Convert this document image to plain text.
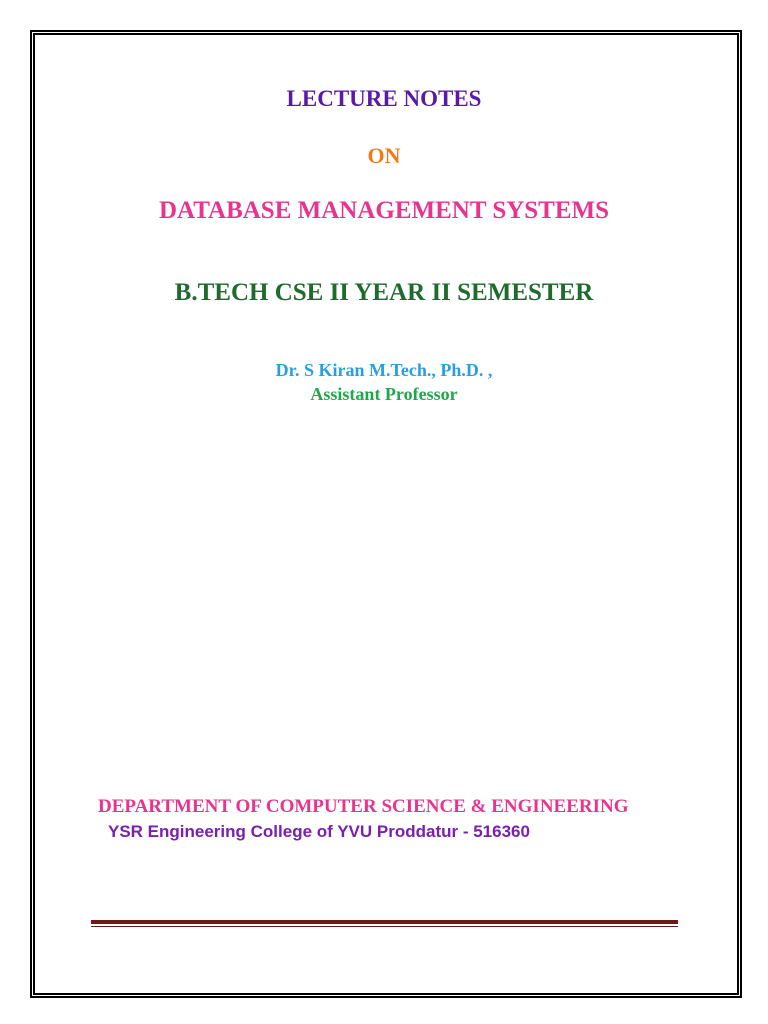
LECTURE NOTES
ON
DATABASE MANAGEMENT SYSTEMS
B.TECH CSE II YEAR II SEMESTER
Dr. S Kiran M.Tech., Ph.D. ,
Assistant Professor
DEPARTMENT OF COMPUTER SCIENCE & ENGINEERING
YSR Engineering College of YVU Proddatur - 516360
